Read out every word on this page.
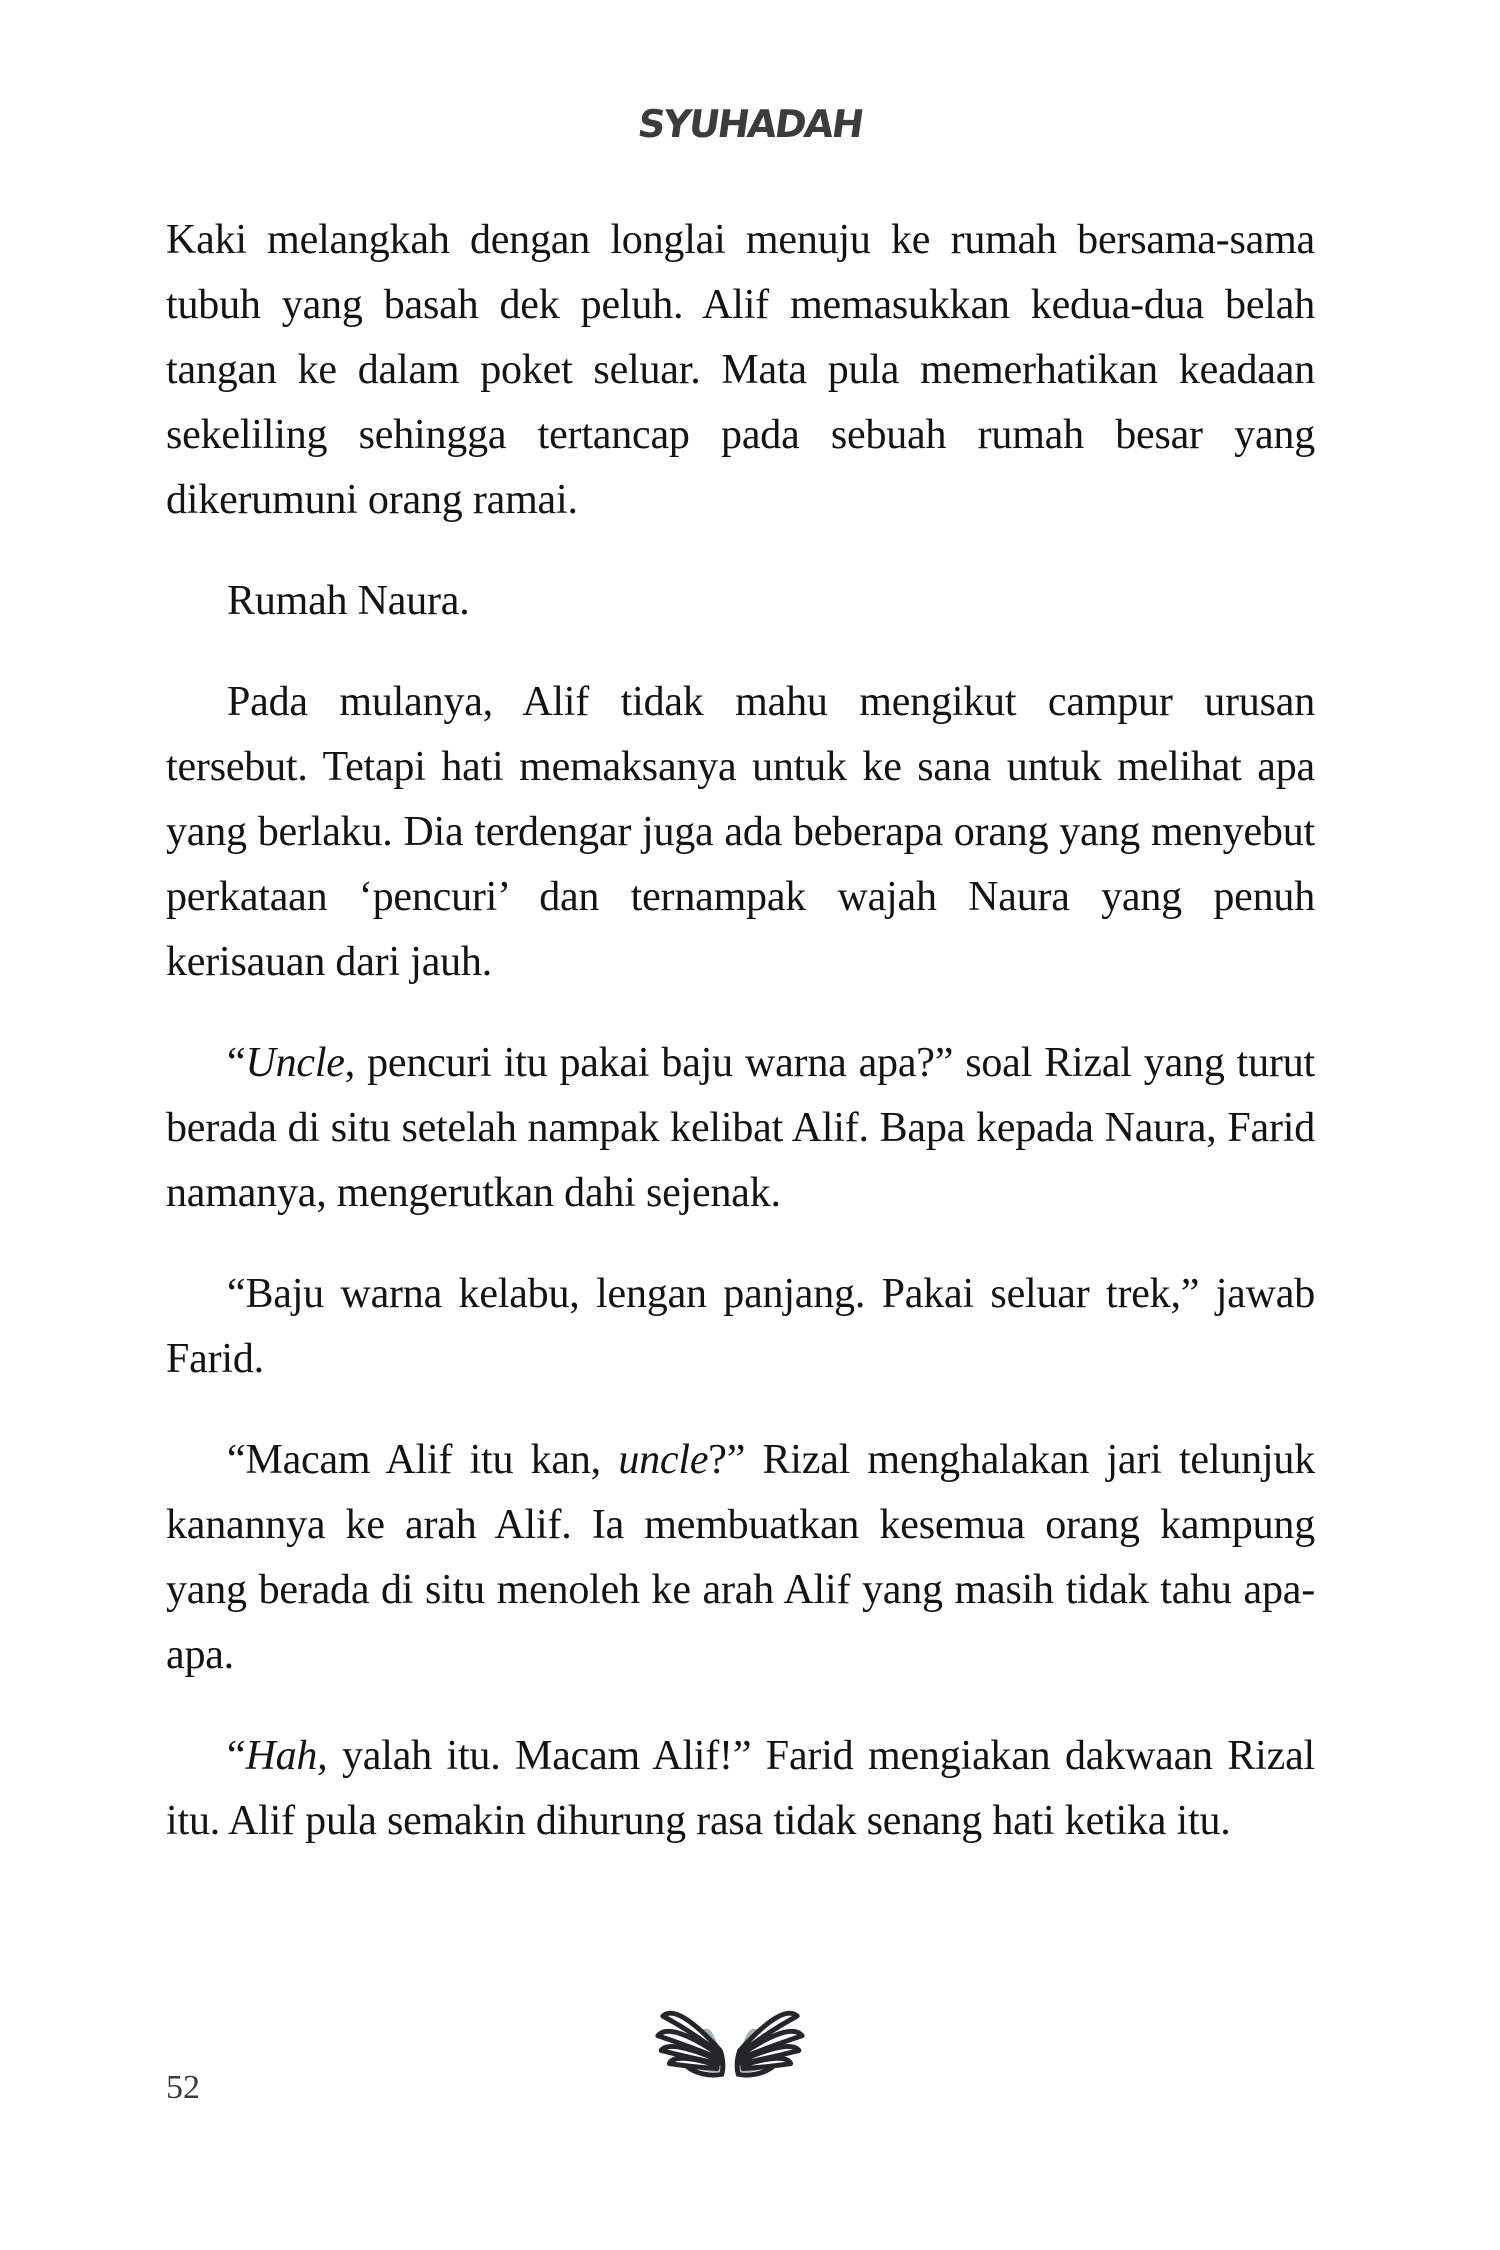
SYUHADAH

Kaki melangkah dengan longlai menuju ke rumah bersama-sama tubuh yang basah dek peluh. Alif memasukkan kedua-dua belah tangan ke dalam poket seluar. Mata pula memerhatikan keadaan sekeliling sehingga tertancap pada sebuah rumah besar yang dikerumuni orang ramai.

Rumah Naura.

Pada mulanya, Alif tidak mahu mengikut campur urusan tersebut. Tetapi hati memaksanya untuk ke sana untuk melihat apa yang berlaku. Dia terdengar juga ada beberapa orang yang menyebut perkataan ‘pencuri’ dan ternampak wajah Naura yang penuh kerisauan dari jauh.

“Uncle, pencuri itu pakai baju warna apa?” soal Rizal yang turut berada di situ setelah nampak kelibat Alif. Bapa kepada Naura, Farid namanya, mengerutkan dahi sejenak.

“Baju warna kelabu, lengan panjang. Pakai seluar trek,” jawab Farid.

“Macam Alif itu kan, uncle?” Rizal menghalakan jari telunjuk kanannya ke arah Alif. Ia membuatkan kesemua orang kampung yang berada di situ menoleh ke arah Alif yang masih tidak tahu apa-apa.

“Hah, yalah itu. Macam Alif!” Farid mengiakan dakwaan Rizal itu. Alif pula semakin dihurung rasa tidak senang hati ketika itu.

52
